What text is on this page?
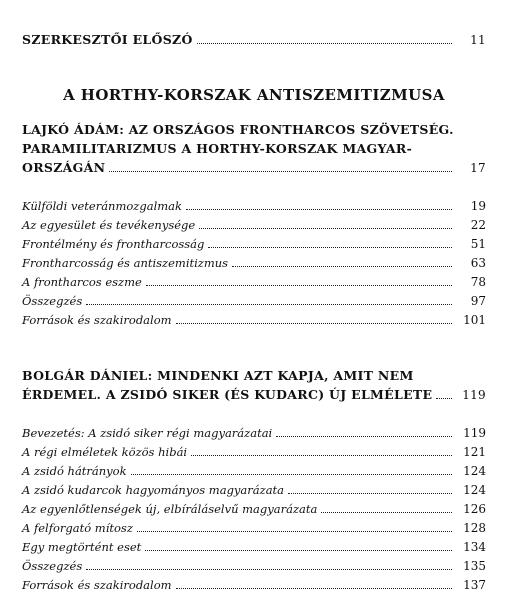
SZERKESZTŐI ELŐSZÓ	11
A HORTHY-KORSZAK ANTISZEMITIZMUSA
LAJKÓ ÁDÁM: AZ ORSZÁGOS FRONTHARCOS SZÖVETSÉG.
PARAMILITARIZMUS A HORTHY-KORSZAK MAGYAR-
ORSZÁGÁN	17
Külföldi veteránmozgalmak	19
Az egyesület és tevékenysége	22
Frontélmény és frontharcosság	51
Frontharcosság és antiszemitizmus	63
A frontharcos eszme	78
Összegzés	97
Források és szakirodalom	101
BOLGÁR DÁNIEL: MINDENKI AZT KAPJA, AMIT NEM
ÉRDEMEL. A ZSIDÓ SIKER (ÉS KUDARC) ÚJ ELMÉLETE	119
Bevezetés: A zsidó siker régi magyarázatai	119
A régi elméletek közös hibái	121
A zsidó hátrányok	124
A zsidó kudarcok hagyományos magyarázata	124
Az egyenlőtlenségek új, elbíráláselvű magyarázata	126
A felforgató mítosz	128
Egy megtörtént eset	134
Összegzés	135
Források és szakirodalom	137
